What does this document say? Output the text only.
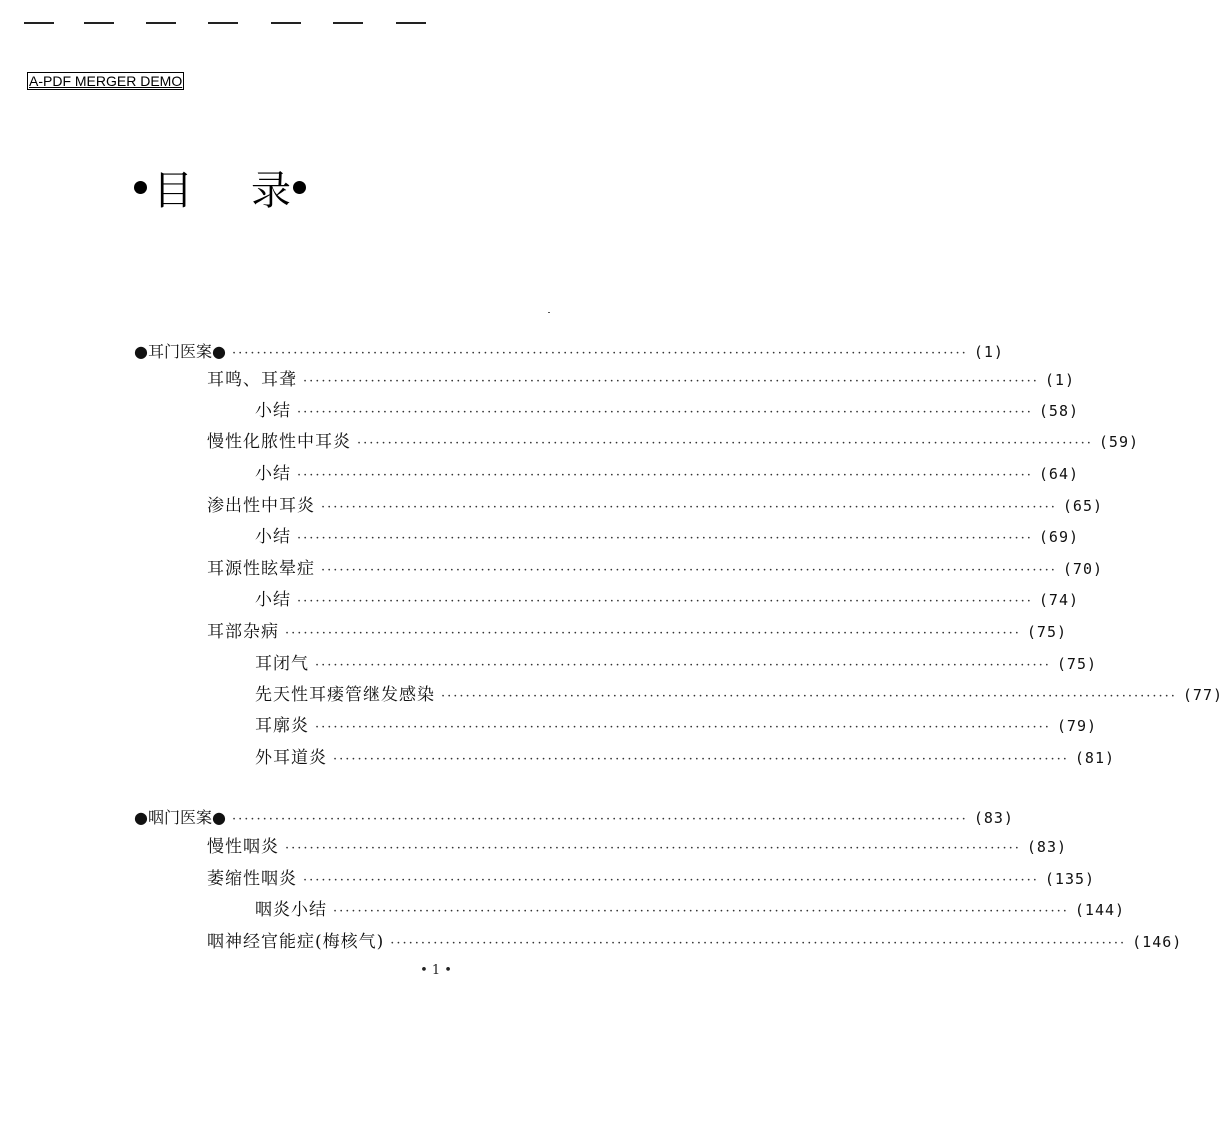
A-PDF MERGER DEMO
目 录
●耳门医案● ························································································································ (1)
耳鸣、耳聋 ························································································································ (1)
小结 ························································································································ (58)
慢性化脓性中耳炎 ························································································································ (59)
小结 ························································································································ (64)
渗出性中耳炎 ························································································································ (65)
小结 ························································································································ (69)
耳源性眩晕症 ························································································································ (70)
小结 ························································································································ (74)
耳部杂病 ························································································································ (75)
耳闭气 ························································································································ (75)
先天性耳瘘管继发感染 ························································································································ (77)
耳廓炎 ························································································································ (79)
外耳道炎 ························································································································ (81)
●咽门医案● ························································································································ (83)
慢性咽炎 ························································································································ (83)
萎缩性咽炎 ························································································································ (135)
咽炎小结 ························································································································ (144)
咽神经官能症(梅核气) ························································································································ (146)
• 1 •
